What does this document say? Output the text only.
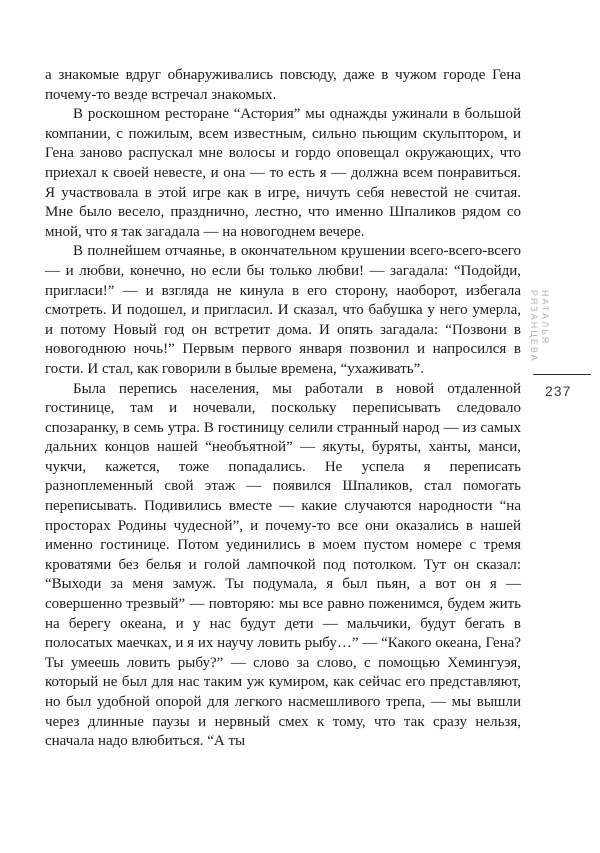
а знакомые вдруг обнаруживались повсюду, даже в чужом городе Гена почему-то везде встречал знакомых.

В роскошном ресторане “Астория” мы однажды ужинали в большой компании, с пожилым, всем известным, сильно пьющим скульптором, и Гена заново распускал мне волосы и гордо оповещал окружающих, что приехал к своей невесте, и она — то есть я — должна всем понравиться. Я участвовала в этой игре как в игре, ничуть себя невестой не считая. Мне было весело, празднично, лестно, что именно Шпаликов рядом со мной, что я так загадала — на новогоднем вечере.

В полнейшем отчаянье, в окончательном крушении всего-всего-всего — и любви, конечно, но если бы только любви! — загадала: “Подойди, пригласи!” — и взгляда не кинула в его сторону, наоборот, избегала смотреть. И подошел, и пригласил. И сказал, что бабушка у него умерла, и потому Новый год он встретит дома. И опять загадала: “Позвони в новогоднюю ночь!” Первым первого января позвонил и напросился в гости. И стал, как говорили в былые времена, “ухаживать”.

Была перепись населения, мы работали в новой отдаленной гостинице, там и ночевали, поскольку переписывать следовало спозаранку, в семь утра. В гостиницу селили странный народ — из самых дальних концов нашей “необъятной” — якуты, буряты, ханты, манси, чукчи, кажется, тоже попадались. Не успела я переписать разноплеменный свой этаж — появился Шпаликов, стал помогать переписывать. Подивились вместе — какие случаются народности “на просторах Родины чудесной”, и почему-то все они оказались в нашей именно гостинице. Потом уединились в моем пустом номере с тремя кроватями без белья и голой лампочкой под потолком. Тут он сказал: “Выходи за меня замуж. Ты подумала, я был пьян, а вот он я — совершенно трезвый” — повторяю: мы все равно поженимся, будем жить на берегу океана, и у нас будут дети — мальчики, будут бегать в полосатых маечках, и я их научу ловить рыбу…” — “Какого океана, Гена? Ты умеешь ловить рыбу?” — слово за слово, с помощью Хемингуэя, который не был для нас таким уж кумиром, как сейчас его представляют, но был удобной опорой для легкого насмешливого трепа, — мы вышли через длинные паузы и нервный смех к тому, что так сразу нельзя, сначала надо влюбиться. “А ты

НАТАЛЬЯ РЯЗАНЦЕВА
237
